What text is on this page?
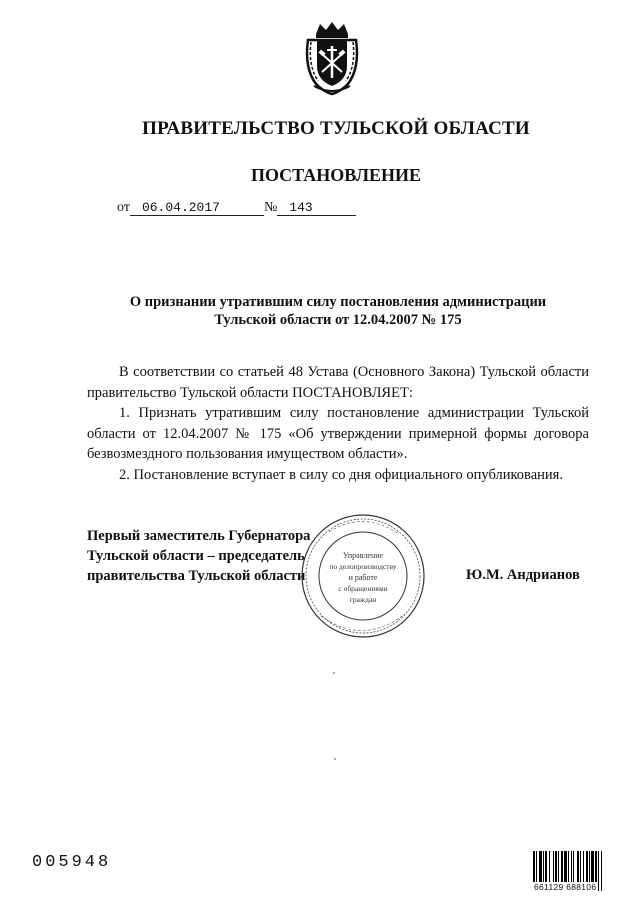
ПРАВИТЕЛЬСТВО ТУЛЬСКОЙ ОБЛАСТИ
ПОСТАНОВЛЕНИЕ
от 06.04.2017	№ 143
О признании утратившим силу постановления администрации
Тульской области от 12.04.2007 № 175

В соответствии со статьей 48 Устава (Основного Закона) Тульской области правительство Тульской области ПОСТАНОВЛЯЕТ:

1. Признать утратившим силу постановление администрации Тульской области от 12.04.2007 № 175 «Об утверждении примерной формы договора безвозмездного пользования имуществом области».

2. Постановление вступает в силу со дня официального опубликования.

Первый заместитель Губернатора
Тульской области – председатель
правительства Тульской области
Управление
по делопроизводству
и работе
с обращениями
граждан
Ю.М. Андрианов
005948
661129 688106
